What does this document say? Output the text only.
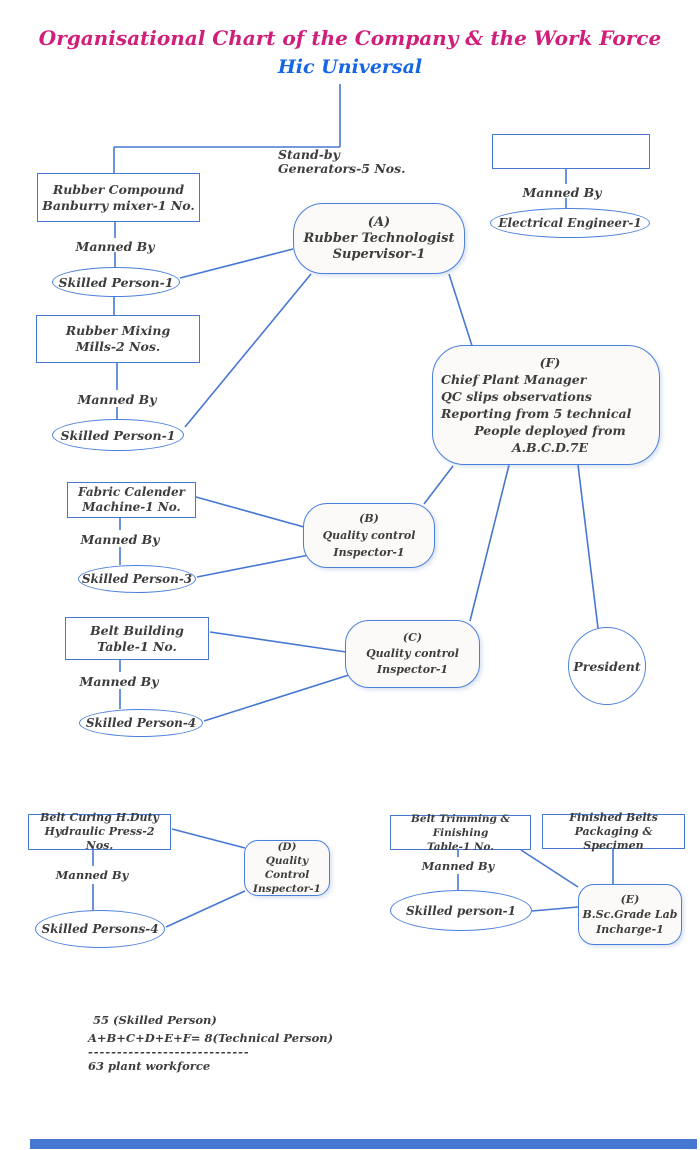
Organisational Chart of the Company & the Work Force
Hic Universal
Stand-by
Generators-5 Nos.
Rubber Compound
Banburry mixer-1 No.
Rubber Mixing
Mills-2 Nos.
Fabric Calender
Machine-1 No.
Belt Building
Table-1 No.
Belt Curing H.Duty
Hydraulic Press-2 Nos.
Belt Trimming & Finishing
Table-1 No.
Finished Belts
Packaging & Specimen
Manned By
Manned By
Manned By
Manned By
Manned By
Manned By
Manned By
Skilled Person-1
Skilled Person-1
Electrical Engineer-1
Skilled Person-3
Skilled Person-4
Skilled Persons-4
Skilled person-1
(A)
Rubber Technologist
Supervisor-1
(F)
Chief Plant Manager
QC slips observations
Reporting from 5 technical
People deployed from A.B.C.D.7E
(B)
Quality control
Inspector-1
(C)
Quality control
Inspector-1
(D)
Quality Control
Inspector-1
(E)
B.Sc.Grade Lab
Incharge-1
President
55 (Skilled Person)
A+B+C+D+E+F= 8(Technical Person)
----------------------------
63 plant workforce
